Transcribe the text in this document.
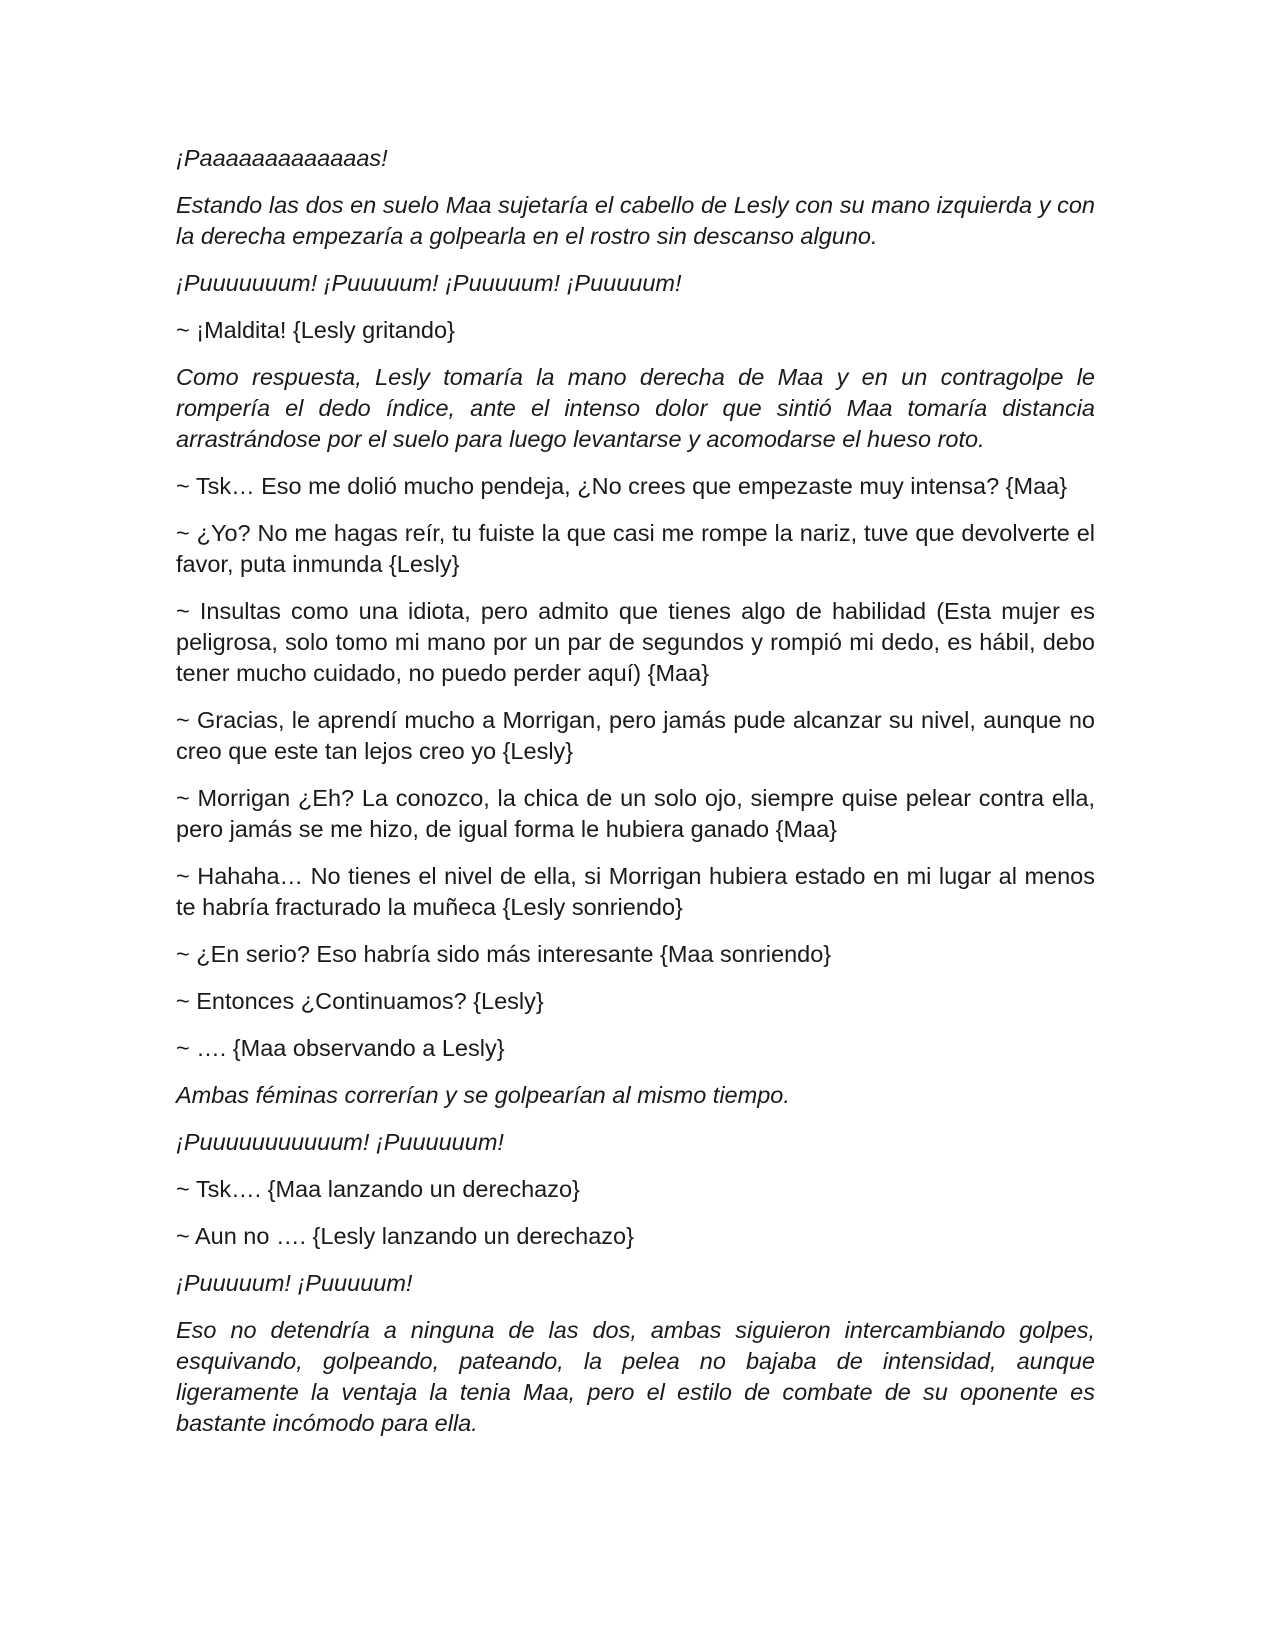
¡Paaaaaaaaaaaaas!

Estando las dos en suelo Maa sujetaría el cabello de Lesly con su mano izquierda y con la derecha empezaría a golpearla en el rostro sin descanso alguno.

¡Puuuuuuum! ¡Puuuuum! ¡Puuuuum! ¡Puuuuum!

~ ¡Maldita! {Lesly gritando}

Como respuesta, Lesly tomaría la mano derecha de Maa y en un contragolpe le rompería el dedo índice, ante el intenso dolor que sintió Maa tomaría distancia arrastrándose por el suelo para luego levantarse y acomodarse el hueso roto.

~ Tsk… Eso me dolió mucho pendeja, ¿No crees que empezaste muy intensa? {Maa}

~ ¿Yo? No me hagas reír, tu fuiste la que casi me rompe la nariz, tuve que devolverte el favor, puta inmunda {Lesly}

~ Insultas como una idiota, pero admito que tienes algo de habilidad (Esta mujer es peligrosa, solo tomo mi mano por un par de segundos y rompió mi dedo, es hábil, debo tener mucho cuidado, no puedo perder aquí) {Maa}

~ Gracias, le aprendí mucho a Morrigan, pero jamás pude alcanzar su nivel, aunque no creo que este tan lejos creo yo {Lesly}

~ Morrigan ¿Eh? La conozco, la chica de un solo ojo, siempre quise pelear contra ella, pero jamás se me hizo, de igual forma le hubiera ganado {Maa}

~ Hahaha… No tienes el nivel de ella, si Morrigan hubiera estado en mi lugar al menos te habría fracturado la muñeca {Lesly sonriendo}

~ ¿En serio? Eso habría sido más interesante {Maa sonriendo}

~ Entonces ¿Continuamos? {Lesly}

~ …. {Maa observando a Lesly}

Ambas féminas correrían y se golpearían al mismo tiempo.

¡Puuuuuuuuuuum! ¡Puuuuuum!

~ Tsk…. {Maa lanzando un derechazo}

~ Aun no …. {Lesly lanzando un derechazo}

¡Puuuuum! ¡Puuuuum!

Eso no detendría a ninguna de las dos, ambas siguieron intercambiando golpes, esquivando, golpeando, pateando, la pelea no bajaba de intensidad, aunque ligeramente la ventaja la tenia Maa, pero el estilo de combate de su oponente es bastante incómodo para ella.
